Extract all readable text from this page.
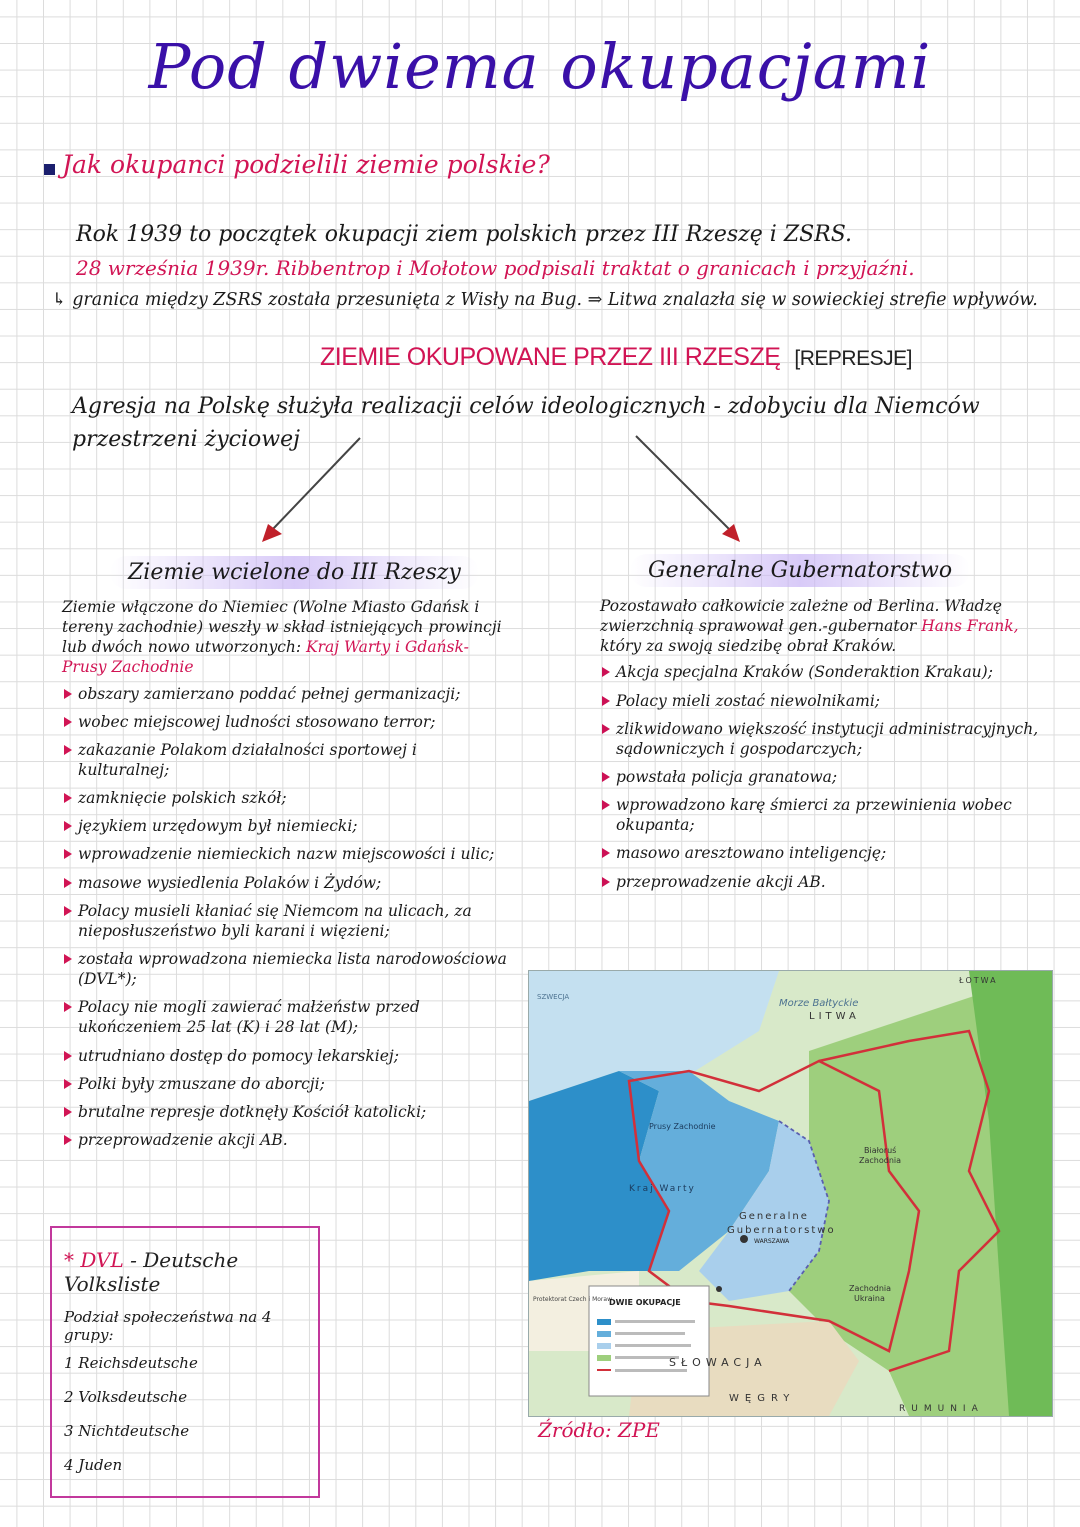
Pod dwiema okupacjami
Jak okupanci podzielili ziemie polskie?
Rok 1939 to początek okupacji ziem polskich przez III Rzeszę i ZSRS.
28 września 1939r. Ribbentrop i Mołotow podpisali traktat o granicach i przyjaźni.
↳ granica między ZSRS została przesunięta z Wisły na Bug. ⇒ Litwa znalazła się w sowieckiej strefie wpływów.
ZIEMIE OKUPOWANE PRZEZ III RZESZĘ [REPRESJE]
Agresja na Polskę służyła realizacji celów ideologicznych - zdobyciu dla Niemców przestrzeni życiowej
Ziemie wcielone do III Rzeszy	Generalne Gubernatorstwo

Ziemie włączone do Niemiec (Wolne Miasto Gdańsk i tereny zachodnie) weszły w skład istniejących prowincji lub dwóch nowo utworzonych: Kraj Warty i Gdańsk-Prusy Zachodnie

obszary zamierzano poddać pełnej germanizacji;
wobec miejscowej ludności stosowano terror;
zakazanie Polakom działalności sportowej i kulturalnej;
zamknięcie polskich szkół;
językiem urzędowym był niemiecki;
wprowadzenie niemieckich nazw miejscowości i ulic;
masowe wysiedlenia Polaków i Żydów;
Polacy musieli kłaniać się Niemcom na ulicach, za nieposłuszeństwo byli karani i więzieni;
została wprowadzona niemiecka lista narodowościowa (DVL*);
Polacy nie mogli zawierać małżeństw przed ukończeniem 25 lat (K) i 28 lat (M);
utrudniano dostęp do pomocy lekarskiej;
Polki były zmuszane do aborcji;
brutalne represje dotknęły Kościół katolicki;
przeprowadzenie akcji AB.

Pozostawało całkowicie zależne od Berlina. Władzę zwierzchnią sprawował gen.-gubernator Hans Frank, który za swoją siedzibę obrał Kraków.

Akcja specjalna Kraków (Sonderaktion Krakau);
Polacy mieli zostać niewolnikami;
zlikwidowano większość instytucji administracyjnych, sądowniczych i gospodarczych;
powstała policja granatowa;
wprowadzono karę śmierci za przewinienia wobec okupanta;
masowo aresztowano inteligencję;
przeprowadzenie akcji AB.
* DVL - Deutsche Volksliste
Podział społeczeństwa na 4 grupy:
1 Reichsdeutsche
2 Volksdeutsche
3 Nichtdeutsche
4 Juden
Morze Bałtyckie
SZWECJA
LITWA
ŁOTWA
Generalne
Gubernatorstwo
Kraj Warty
Prusy Zachodnie
Białoruś
Zachodnia
Ukraina
Zachodnia
WARSZAWA
SŁOWACJA
WĘGRY
RUMUNIA
Protektorat Czech i Moraw
DWIE OKUPACJE
Źródło: ZPE
